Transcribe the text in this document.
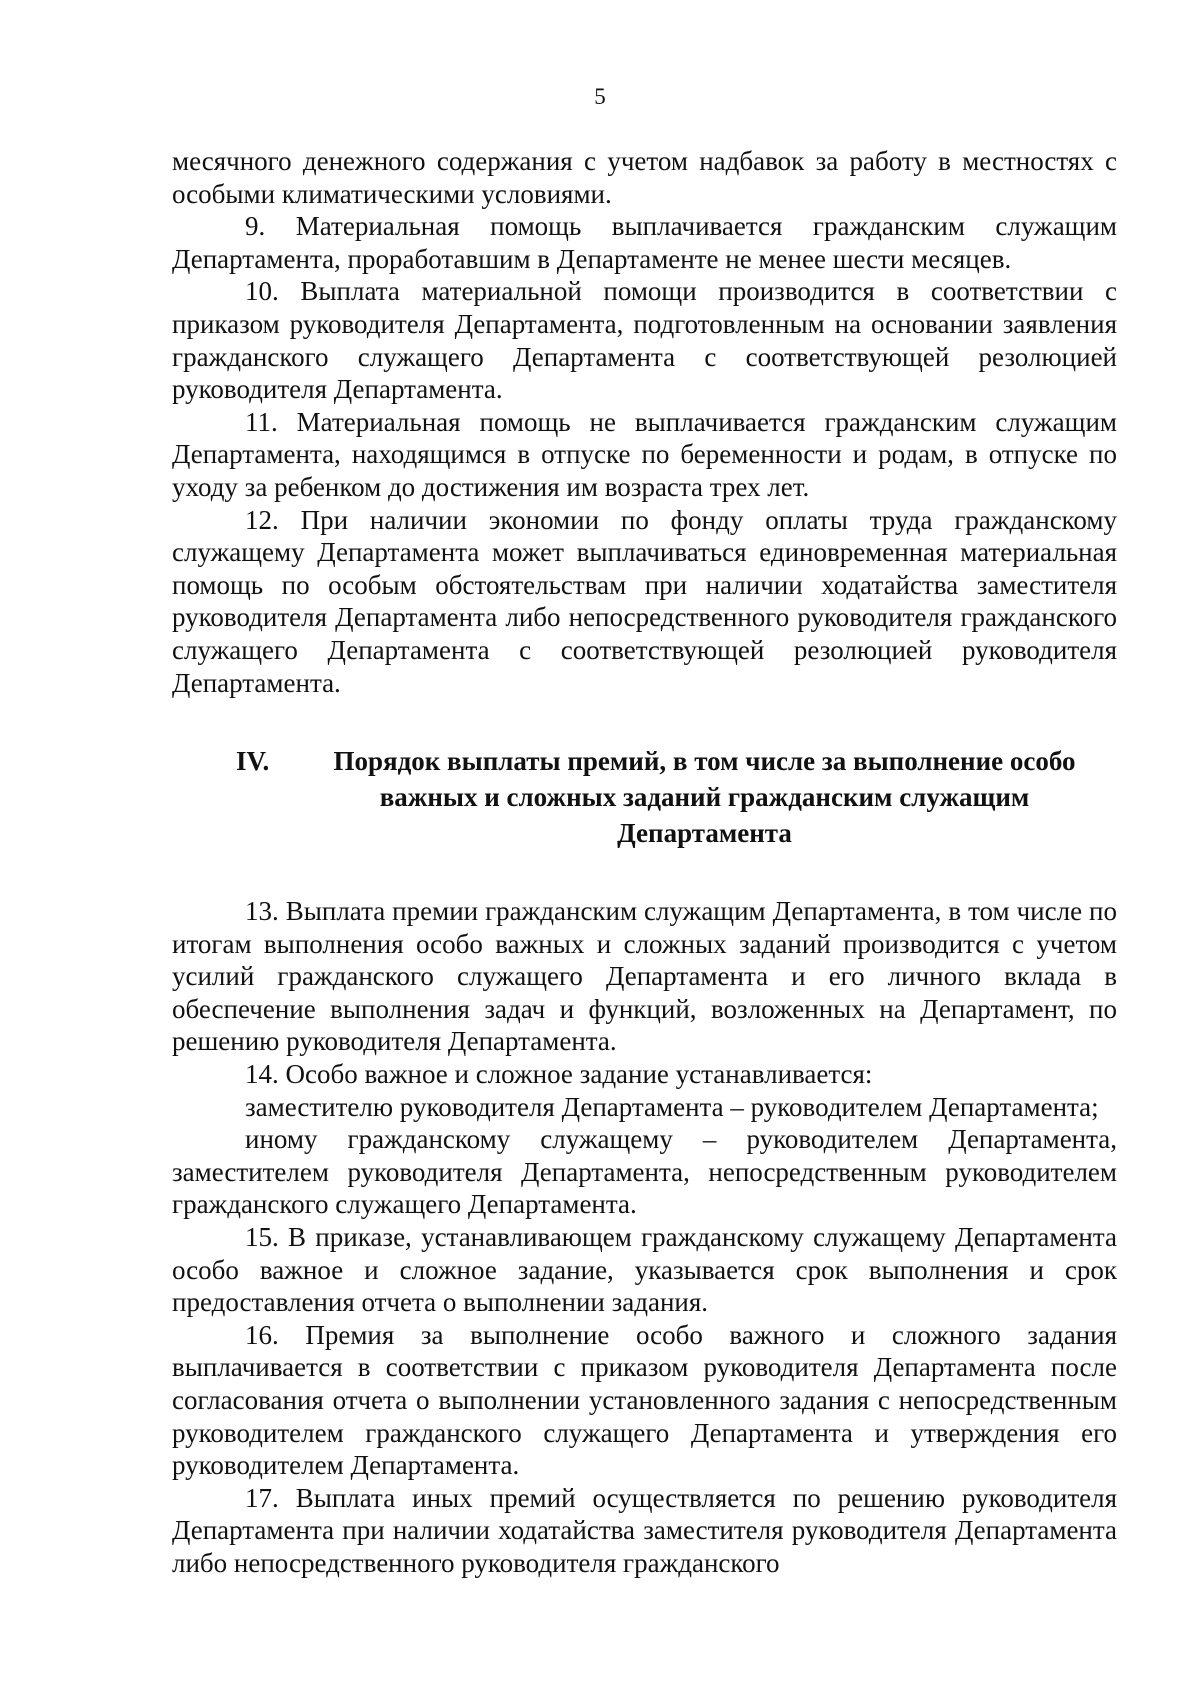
5

месячного денежного содержания с учетом надбавок за работу в местностях с особыми климатическими условиями.

9. Материальная помощь выплачивается гражданским служащим Департамента, проработавшим в Департаменте не менее шести месяцев.

10. Выплата материальной помощи производится в соответствии с приказом руководителя Департамента, подготовленным на основании заявления гражданского служащего Департамента с соответствующей резолюцией руководителя Департамента.

11. Материальная помощь не выплачивается гражданским служащим Департамента, находящимся в отпуске по беременности и родам, в отпуске по уходу за ребенком до достижения им возраста трех лет.

12. При наличии экономии по фонду оплаты труда гражданскому служащему Департамента может выплачиваться единовременная материальная помощь по особым обстоятельствам при наличии ходатайства заместителя руководителя Департамента либо непосредственного руководителя гражданского служащего Департамента с соответствующей резолюцией руководителя Департамента.

IV.	Порядок выплаты премий, в том числе за выполнение особо важных и сложных заданий гражданским служащим Департамента

13. Выплата премии гражданским служащим Департамента, в том числе по итогам выполнения особо важных и сложных заданий производится с учетом усилий гражданского служащего Департамента и его личного вклада в обеспечение выполнения задач и функций, возложенных на Департамент, по решению руководителя Департамента.

14. Особо важное и сложное задание устанавливается:

заместителю руководителя Департамента – руководителем Департамента;

иному гражданскому служащему – руководителем Департамента, заместителем руководителя Департамента, непосредственным руководителем гражданского служащего Департамента.

15. В приказе, устанавливающем гражданскому служащему Департамента особо важное и сложное задание, указывается срок выполнения и срок предоставления отчета о выполнении задания.

16. Премия за выполнение особо важного и сложного задания выплачивается в соответствии с приказом руководителя Департамента после согласования отчета о выполнении установленного задания с непосредственным руководителем гражданского служащего Департамента и утверждения его руководителем Департамента.

17. Выплата иных премий осуществляется по решению руководителя Департамента при наличии ходатайства заместителя руководителя Департамента либо непосредственного руководителя гражданского
